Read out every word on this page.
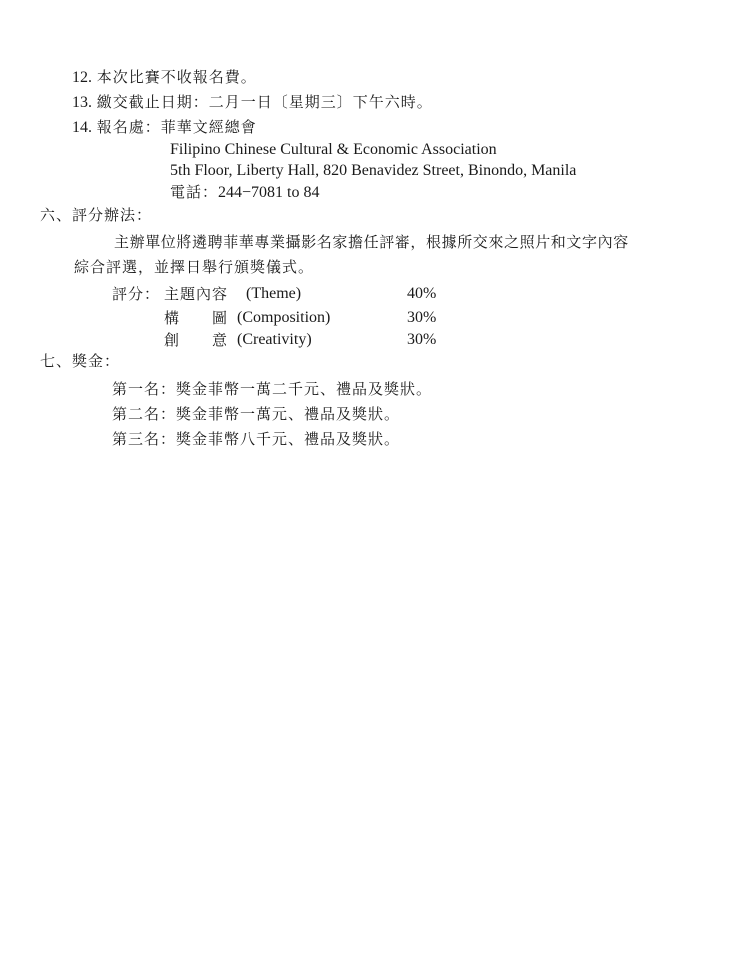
12. 本次比賽不收報名費。
13. 繳交截止日期：二月一日〔星期三〕下午六時。
14. 報名處：菲華文經總會
Filipino Chinese Cultural & Economic Association
5th Floor, Liberty Hall, 820 Benavidez Street, Binondo, Manila
電話：244−7081 to 84
六、評分辦法：
主辦單位將遴聘菲華專業攝影名家擔任評審，根據所交來之照片和文字內容
綜合評選，並擇日舉行頒獎儀式。
評分： 主題內容 (Theme)	40%
構　　圖 (Composition)	30%
創　　意 (Creativity)	30%
七、獎金：
第一名：獎金菲幣一萬二千元、禮品及獎狀。
第二名：獎金菲幣一萬元、禮品及獎狀。
第三名：獎金菲幣八千元、禮品及獎狀。
